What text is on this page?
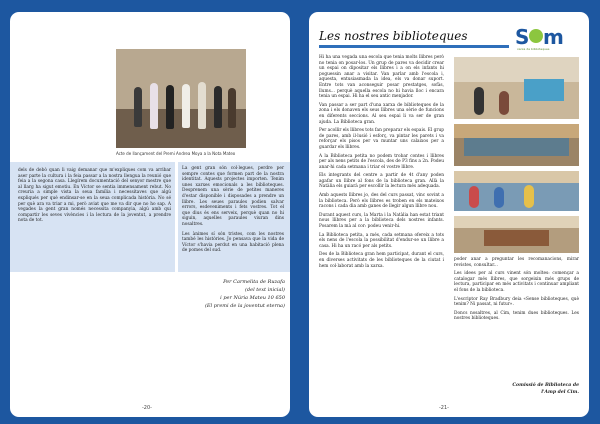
Acte de llançament del Premi Andrea Moya a la Nota Mateo

dels de debò quan li vaig demanar que m'expliques com va arribar aser parte la cultura i la feia passar a la nostra llengua la reunió que feia a la segona casa. Llegírem documentació del senyor mestre que al llarg ha sigut emotiu. En Víctor se sentia immensament rebut. No creuria a simple vista la seua família i necessitaves que algú expliqués per què endinsar-se en la seua complicada història. No sé per què ara va triar a mi, però aviat que me va dir que no ho sap. A vegades la gent gran només necessita companyia, algú amb qui compartir les seves vivències i la lectura de la joventut, a prendre nota de tot.

La gent gran són col·legues, perdre per sempre contes que formen part de la nostra identitat. Aquests projectes importen. Tenim unes xarxes emocionals a les biblioteques. Desprenem una sèrie de petites maneres d'estar disponible i disposades a prendre un llibre. Les seues paraules podien salvar errors, esdeveniments i fets vostres. Tot el que dius és ens serveix, perquè quan no hi siguin, aquelles paraules viuran dins nosaltres.

Les ànimes sí són tristes, com les nostres també les històries. Jo pensava que la vida de Víctor s'havia perdut en una habitació plena de pomes del sud.

Per Carmelita de Ruzafa
(del text inicial)
i per Núria Mateu 10 650
(El premi de la joventut eterna)
-20-
Les nostres biblioteques S m
xarxa de biblioteques

Hi ha una vegada una escola que tenia molts llibres però no tenia on posar-los. Un grup de pares va decidir crear un espai on dipositar els llibres i a on els infants hi poguessin anar a visitar. Van parlar amb l'escola i, aquesta, entusiasmada la idea, els va donar suport. Entre tots van aconseguir posar prestatges, sofàs, llums... perquè aquella escola no hi havia lloc i encara tenia un espai. Hi ha el seu antic menjador.

Van passar a ser part d'una xarxa de biblioteques de la zona i els donaven els seus llibres una sèrie de funcions en diferents seccions. Al seu espai li va ser de gran ajuda. La Biblioteca gran.

Per acollir els llibres tots fan preparar els espais. El grup de pares, amb il·lusió i esforç, va pintar les parets i va reforçar els pisos per va muntar uns calaixos per a guardar els llibres.

A la Biblioteca petita no podem trobar contes i llibres per als nens petits de l'escola, des de P3 fins a 2n. Podeu anar-hi cada setmana i triar el vostre llibre.

Els integrants del centre a partir de 4t d'any poden agafar un llibre al fons de la biblioteca gran. Allà la Natàlia els guiarà per escollir la lectura més adequada.

Amb aquests llibres jo, des del curs passat, vinc sovint a la biblioteca. Però els llibres es troben en els mateixos racons i cada dia amb ganes de llegir algun llibre nou.

Durant aquest curs, la Marta i la Natàlia han estat triant nous llibres per a la biblioteca dels nostres infants. Posarem la mà al cor: podeu venir-hi.

La Biblioteca petita, a més, cada setmana ofereix a tots els nens de l'escola la possibilitat d'endur-se un llibre a casa. Hi ha un racó per als petits.

Des de la Biblioteca gran hem participat, durant el curs, en diverses activitats de les biblioteques de la ciutat i hem col·laborat amb la xarxa.

poder anar a preguntar les recomanacions, mirar revistes, consultar...

Les idees per al curs vinent són moltes: començar a catalogar més llibres, que sorgeixin més grups de lectura, participar en més activitats i continuar ampliant el fons de la biblioteca.

L'escriptor Ray Bradbury deia «Sense biblioteques, què tenim? Ni passat, ni futur».

Doncs nosaltres, al Cim, tenim dues biblioteques. Les nostres biblioteques.

Comissió de Biblioteca de
l'Amp del Cim.
-21-
